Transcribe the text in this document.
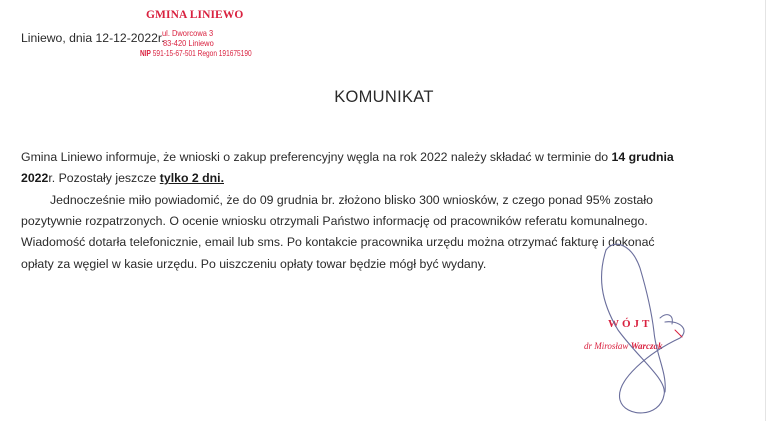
Liniewo, dnia 12-12-2022r.
GMINA LINIEWO
ul. Dworcowa 3
83-420 Liniewo
NIP 591-15-67-501 Regon 191675190
KOMUNIKAT
Gmina Liniewo informuje, że wnioski o zakup preferencyjny węgla na rok 2022 należy składać w terminie do 14 grudnia
2022r. Pozostały jeszcze tylko 2 dni.
Jednocześnie miło powiadomić, że do 09 grudnia br. złożono blisko 300 wniosków, z czego ponad 95% zostało
pozytywnie rozpatrzonych. O ocenie wniosku otrzymali Państwo informację od pracowników referatu komunalnego.
Wiadomość dotarła telefonicznie, email lub sms. Po kontakcie pracownika urzędu można otrzymać fakturę i dokonać
opłaty za węgiel w kasie urzędu. Po uiszczeniu opłaty towar będzie mógł być wydany.
WÓJT
dr Mirosław Warczak
